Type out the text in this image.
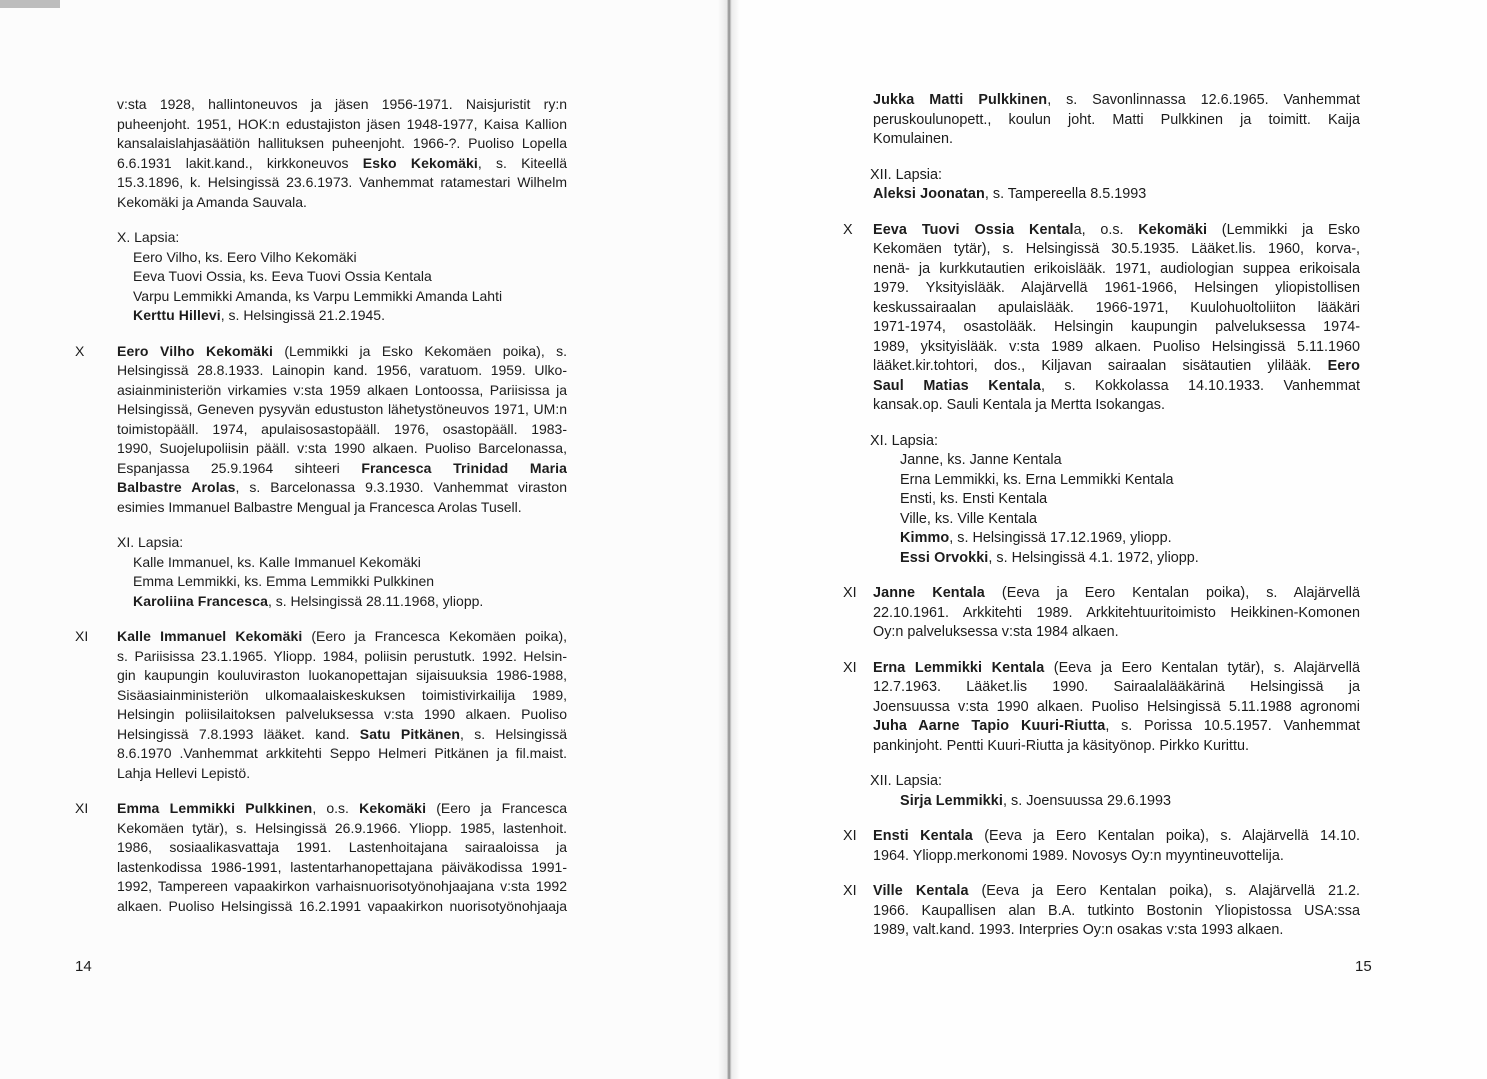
v:sta 1928, hallintoneuvos ja jäsen 1956-1971. Naisjuristit ry:n
puheenjoht. 1951, HOK:n edustajiston jäsen 1948-1977, Kaisa Kallion
kansalaislahjasäätiön hallituksen puheenjoht. 1966-?. Puoliso Lopella
6.6.1931 lakit.kand., kirkkoneuvos Esko Kekomäki, s. Kiteellä
15.3.1896, k. Helsingissä 23.6.1973. Vanhemmat ratamestari Wilhelm
Kekomäki ja Amanda Sauvala.
X. Lapsia:
Eero Vilho, ks. Eero Vilho Kekomäki
Eeva Tuovi Ossia, ks. Eeva Tuovi Ossia Kentala
Varpu Lemmikki Amanda, ks Varpu Lemmikki Amanda Lahti
Kerttu Hillevi, s. Helsingissä 21.2.1945.
X Eero Vilho Kekomäki (Lemmikki ja Esko Kekomäen poika), s.
Helsingissä 28.8.1933. Lainopin kand. 1956, varatuom. 1959. Ulko-
asiainministeriön virkamies v:sta 1959 alkaen Lontoossa, Pariisissa ja
Helsingissä, Geneven pysyvän edustuston lähetystöneuvos 1971, UM:n
toimistopääll. 1974, apulaisosastopääll. 1976, osastopääll. 1983-
1990, Suojelupoliisin pääll. v:sta 1990 alkaen. Puoliso Barcelonassa,
Espanjassa 25.9.1964 sihteeri Francesca Trinidad Maria
Balbastre Arolas, s. Barcelonassa 9.3.1930. Vanhemmat viraston
esimies Immanuel Balbastre Mengual ja Francesca Arolas Tusell.
XI. Lapsia:
Kalle Immanuel, ks. Kalle Immanuel Kekomäki
Emma Lemmikki, ks. Emma Lemmikki Pulkkinen
Karoliina Francesca, s. Helsingissä 28.11.1968, yliopp.
XI Kalle Immanuel Kekomäki (Eero ja Francesca Kekomäen poika),
s. Pariisissa 23.1.1965. Yliopp. 1984, poliisin perustutk. 1992. Helsin-
gin kaupungin kouluviraston luokanopettajan sijaisuuksia 1986-1988,
Sisäasiainministeriön ulkomaalaiskeskuksen toimistivirkailija 1989,
Helsingin poliisilaitoksen palveluksessa v:sta 1990 alkaen. Puoliso
Helsingissä 7.8.1993 lääket. kand. Satu Pitkänen, s. Helsingissä
8.6.1970 .Vanhemmat arkkitehti Seppo Helmeri Pitkänen ja fil.maist.
Lahja Hellevi Lepistö.
XI Emma Lemmikki Pulkkinen, o.s. Kekomäki (Eero ja Francesca
Kekomäen tytär), s. Helsingissä 26.9.1966. Yliopp. 1985, lastenhoit.
1986, sosiaalikasvattaja 1991. Lastenhoitajana sairaaloissa ja
lastenkodissa 1986-1991, lastentarhanopettajana päiväkodissa 1991-
1992, Tampereen vapaakirkon varhaisnuorisotyönohjaajana v:sta 1992
alkaen. Puoliso Helsingissä 16.2.1991 vapaakirkon nuorisotyönohjaaja
14
Jukka Matti Pulkkinen, s. Savonlinnassa 12.6.1965. Vanhemmat
peruskoulunopett., koulun joht. Matti Pulkkinen ja toimitt. Kaija
Komulainen.
XII. Lapsia:
Aleksi Joonatan, s. Tampereella 8.5.1993
X Eeva Tuovi Ossia Kentala, o.s. Kekomäki (Lemmikki ja Esko
Kekomäen tytär), s. Helsingissä 30.5.1935. Lääket.lis. 1960, korva-,
nenä- ja kurkkutautien erikoislääk. 1971, audiologian suppea erikoisala
1979. Yksityislääk. Alajärvellä 1961-1966, Helsingen yliopistollisen
keskussairaalan apulaislääk. 1966-1971, Kuulohuoltoliiton lääkäri
1971-1974, osastolääk. Helsingin kaupungin palveluksessa 1974-
1989, yksityislääk. v:sta 1989 alkaen. Puoliso Helsingissä 5.11.1960
lääket.kir.tohtori, dos., Kiljavan sairaalan sisätautien ylilääk. Eero
Saul Matias Kentala, s. Kokkolassa 14.10.1933. Vanhemmat
kansak.op. Sauli Kentala ja Mertta Isokangas.
XI. Lapsia:
Janne, ks. Janne Kentala
Erna Lemmikki, ks. Erna Lemmikki Kentala
Ensti, ks. Ensti Kentala
Ville, ks. Ville Kentala
Kimmo, s. Helsingissä 17.12.1969, yliopp.
Essi Orvokki, s. Helsingissä 4.1. 1972, yliopp.
XI Janne Kentala (Eeva ja Eero Kentalan poika), s. Alajärvellä
22.10.1961. Arkkitehti 1989. Arkkitehtuuritoimisto Heikkinen-Komonen
Oy:n palveluksessa v:sta 1984 alkaen.
XI Erna Lemmikki Kentala (Eeva ja Eero Kentalan tytär), s. Alajärvellä
12.7.1963. Lääket.lis 1990. Sairaalalääkärinä Helsingissä ja
Joensuussa v:sta 1990 alkaen. Puoliso Helsingissä 5.11.1988 agronomi
Juha Aarne Tapio Kuuri-Riutta, s. Porissa 10.5.1957. Vanhemmat
pankinjoht. Pentti Kuuri-Riutta ja käsityönop. Pirkko Kurittu.
XII. Lapsia:
Sirja Lemmikki, s. Joensuussa 29.6.1993
XI Ensti Kentala (Eeva ja Eero Kentalan poika), s. Alajärvellä 14.10.
1964. Yliopp.merkonomi 1989. Novosys Oy:n myyntineuvottelija.
XI Ville Kentala (Eeva ja Eero Kentalan poika), s. Alajärvellä 21.2.
1966. Kaupallisen alan B.A. tutkinto Bostonin Yliopistossa USA:ssa
1989, valt.kand. 1993. Interpries Oy:n osakas v:sta 1993 alkaen.
15
